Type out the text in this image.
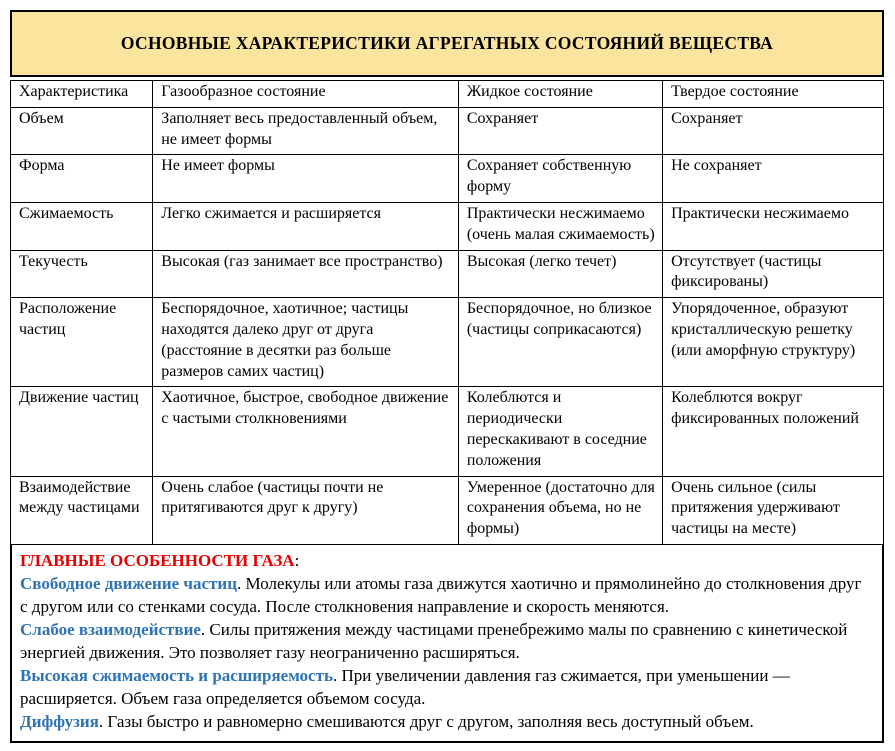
ОСНОВНЫЕ ХАРАКТЕРИСТИКИ АГРЕГАТНЫХ СОСТОЯНИЙ ВЕЩЕСТВА
Характеристика	Газообразное состояние	Жидкое состояние	Твердое состояние
Объем	Заполняет весь предоставленный объем, не имеет формы	Сохраняет	Сохраняет
Форма	Не имеет формы	Сохраняет собственную форму	Не сохраняет
Сжимаемость	Легко сжимается и расширяется	Практически несжимаемо (очень малая сжимаемость)	Практически несжимаемо
Текучесть	Высокая (газ занимает все пространство)	Высокая (легко течет)	Отсутствует (частицы фиксированы)
Расположение частиц	Беспорядочное, хаотичное; частицы находятся далеко друг от друга (расстояние в десятки раз больше размеров самих частиц)	Беспорядочное, но близкое (частицы соприкасаются)	Упорядоченное, образуют кристаллическую решетку (или аморфную структуру)
Движение частиц	Хаотичное, быстрое, свободное движение с частыми столкновениями	Колеблются и периодически перескакивают в соседние положения	Колеблются вокруг фиксированных положений
Взаимодействие между частицами	Очень слабое (частицы почти не притягиваются друг к другу)	Умеренное (достаточно для сохранения объема, но не формы)	Очень сильное (силы притяжения удерживают частицы на месте)

ГЛАВНЫЕ ОСОБЕННОСТИ ГАЗА:

Свободное движение частиц. Молекулы или атомы газа движутся хаотично и прямолинейно до столкновения друг с другом или со стенками сосуда. После столкновения направление и скорость меняются.

Слабое взаимодействие. Силы притяжения между частицами пренебрежимо малы по сравнению с кинетической энергией движения. Это позволяет газу неограниченно расширяться.

Высокая сжимаемость и расширяемость. При увеличении давления газ сжимается, при уменьшении — расширяется. Объем газа определяется объемом сосуда.

Диффузия. Газы быстро и равномерно смешиваются друг с другом, заполняя весь доступный объем.
